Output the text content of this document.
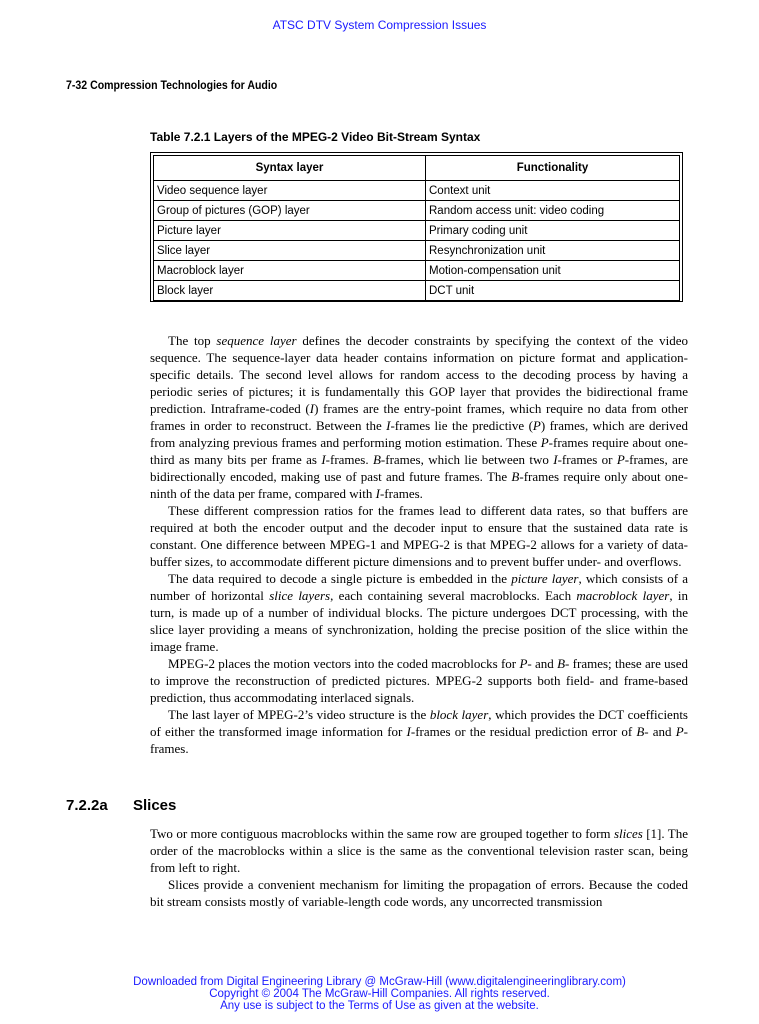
ATSC DTV System Compression Issues
7-32 Compression Technologies for Audio
Table 7.2.1 Layers of the MPEG-2 Video Bit-Stream Syntax
Syntax layer	Functionality
Video sequence layer	Context unit
Group of pictures (GOP) layer	Random access unit: video coding
Picture layer	Primary coding unit
Slice layer	Resynchronization unit
Macroblock layer	Motion-compensation unit
Block layer	DCT unit

The top sequence layer defines the decoder constraints by specifying the context of the video sequence. The sequence-layer data header contains information on picture format and application-specific details. The second level allows for random access to the decoding process by having a periodic series of pictures; it is fundamentally this GOP layer that provides the bidirectional frame prediction. Intraframe-coded (I) frames are the entry-point frames, which require no data from other frames in order to reconstruct. Between the I-frames lie the predictive (P) frames, which are derived from analyzing previous frames and performing motion estimation. These P-frames require about one-third as many bits per frame as I-frames. B-frames, which lie between two I-frames or P-frames, are bidirectionally encoded, making use of past and future frames. The B-frames require only about one-ninth of the data per frame, compared with I-frames.

These different compression ratios for the frames lead to different data rates, so that buffers are required at both the encoder output and the decoder input to ensure that the sustained data rate is constant. One difference between MPEG-1 and MPEG-2 is that MPEG-2 allows for a variety of data-buffer sizes, to accommodate different picture dimensions and to prevent buffer under- and overflows.

The data required to decode a single picture is embedded in the picture layer, which consists of a number of horizontal slice layers, each containing several macroblocks. Each macroblock layer, in turn, is made up of a number of individual blocks. The picture undergoes DCT processing, with the slice layer providing a means of synchronization, holding the precise position of the slice within the image frame.

MPEG-2 places the motion vectors into the coded macroblocks for P- and B- frames; these are used to improve the reconstruction of predicted pictures. MPEG-2 supports both field- and frame-based prediction, thus accommodating interlaced signals.

The last layer of MPEG-2’s video structure is the block layer, which provides the DCT coefficients of either the transformed image information for I-frames or the residual prediction error of B- and P- frames.

7.2.2a Slices

Two or more contiguous macroblocks within the same row are grouped together to form slices [1]. The order of the macroblocks within a slice is the same as the conventional television raster scan, being from left to right.

Slices provide a convenient mechanism for limiting the propagation of errors. Because the coded bit stream consists mostly of variable-length code words, any uncorrected transmission

Downloaded from Digital Engineering Library @ McGraw-Hill (www.digitalengineeringlibrary.com)
Copyright © 2004 The McGraw-Hill Companies. All rights reserved.
Any use is subject to the Terms of Use as given at the website.
